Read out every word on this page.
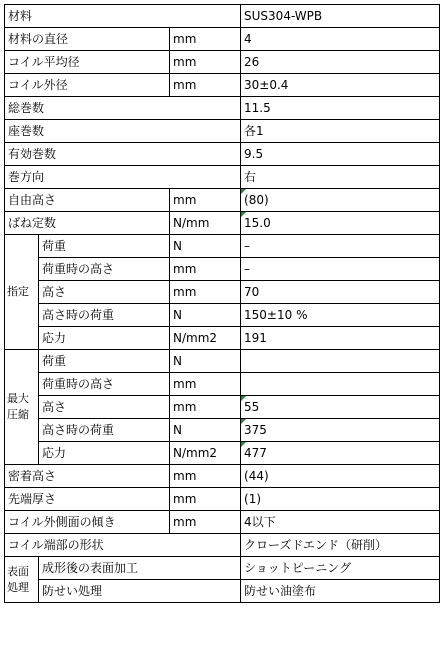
材料			SUS304-WPB
材料の直径		mm	4
コイル平均径		mm	26
コイル外径		mm	30±0.4
総巻数			11.5
座巻数			各1
有効巻数			9.5
巻方向			右
自由高さ		mm	(80)
ばね定数		N/mm	15.0
指定	荷重	N	–
	荷重時の高さ	mm	–
	高さ	mm	70
	高さ時の荷重	N	150±10 %
	応力	N/mm2	191
最大圧縮	荷重	N	
	荷重時の高さ	mm	
	高さ	mm	55
	高さ時の荷重	N	375
	応力	N/mm2	477
密着高さ		mm	(44)
先端厚さ		mm	(1)
コイル外側面の傾き		mm	4以下
コイル端部の形状			クローズドエンド（研削）
表面処理	成形後の表面加工		ショットピーニング
	防せい処理		防せい油塗布
